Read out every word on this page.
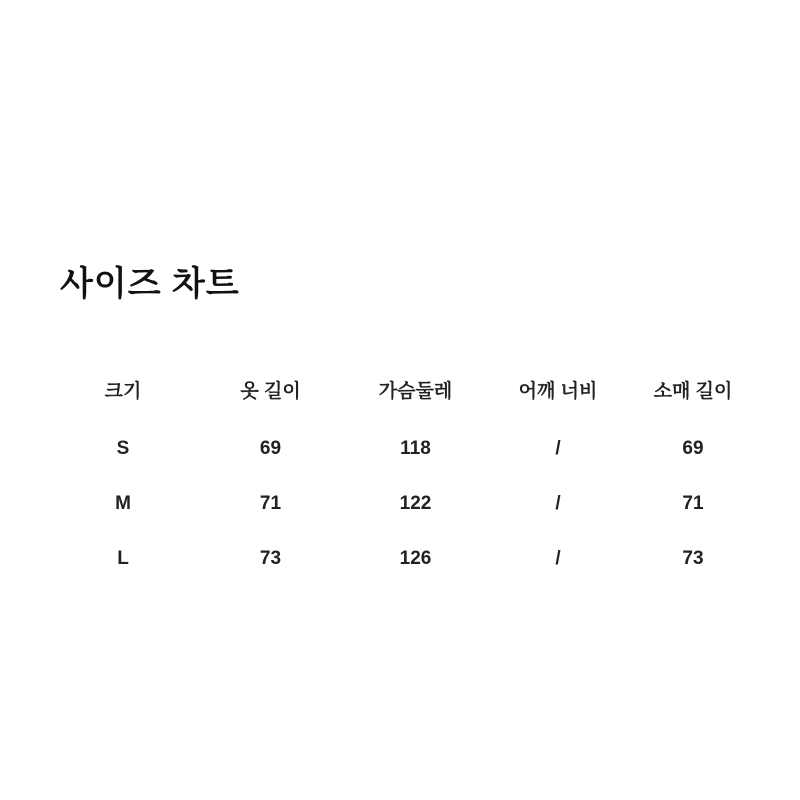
사이즈 차트
크기	옷 길이	가슴둘레	어깨 너비	소매 길이
S	69	118	/	69
M	71	122	/	71
L	73	126	/	73
